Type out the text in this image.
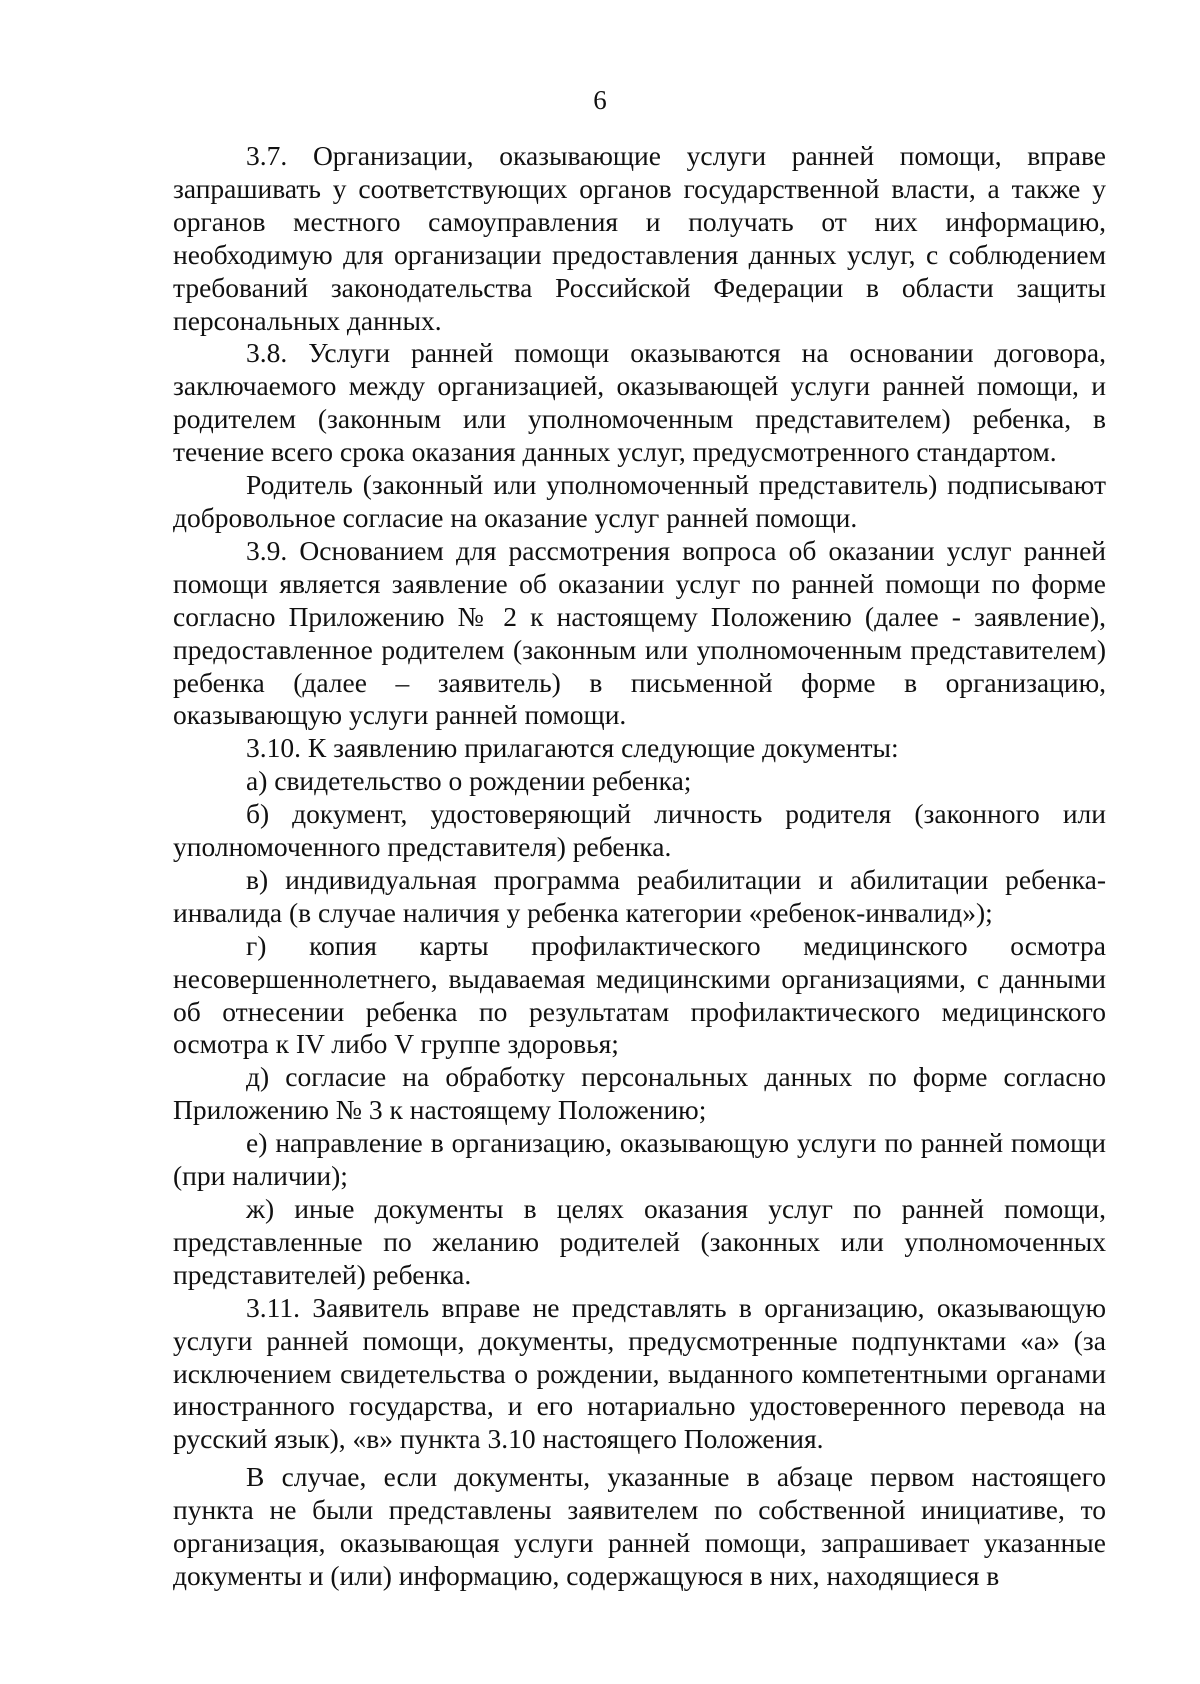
6

3.7. Организации, оказывающие услуги ранней помощи, вправе запрашивать у соответствующих органов государственной власти, а также у органов местного самоуправления и получать от них информацию, необходимую для организации предоставления данных услуг, с соблюдением требований законодательства Российской Федерации в области защиты персональных данных.

3.8. Услуги ранней помощи оказываются на основании договора, заключаемого между организацией, оказывающей услуги ранней помощи, и родителем (законным или уполномоченным представителем) ребенка, в течение всего срока оказания данных услуг, предусмотренного стандартом.

Родитель (законный или уполномоченный представитель) подписывают добровольное согласие на оказание услуг ранней помощи.

3.9. Основанием для рассмотрения вопроса об оказании услуг ранней помощи является заявление об оказании услуг по ранней помощи по форме согласно Приложению № 2 к настоящему Положению (далее - заявление), предоставленное родителем (законным или уполномоченным представителем) ребенка (далее – заявитель) в письменной форме в организацию, оказывающую услуги ранней помощи.

3.10. К заявлению прилагаются следующие документы:

а) свидетельство о рождении ребенка;

б) документ, удостоверяющий личность родителя (законного или уполномоченного представителя) ребенка.

в) индивидуальная программа реабилитации и абилитации ребенка-инвалида (в случае наличия у ребенка категории «ребенок-инвалид»);

г) копия карты профилактического медицинского осмотра несовершеннолетнего, выдаваемая медицинскими организациями, с данными об отнесении ребенка по результатам профилактического медицинского осмотра к IV либо V группе здоровья;

д) согласие на обработку персональных данных по форме согласно Приложению № 3 к настоящему Положению;

е) направление в организацию, оказывающую услуги по ранней помощи (при наличии);

ж) иные документы в целях оказания услуг по ранней помощи, представленные по желанию родителей (законных или уполномоченных представителей) ребенка.

3.11. Заявитель вправе не представлять в организацию, оказывающую услуги ранней помощи, документы, предусмотренные подпунктами «а» (за исключением свидетельства о рождении, выданного компетентными органами иностранного государства, и его нотариально удостоверенного перевода на русский язык), «в» пункта 3.10 настоящего Положения.

В случае, если документы, указанные в абзаце первом настоящего пункта не были представлены заявителем по собственной инициативе, то организация, оказывающая услуги ранней помощи, запрашивает указанные документы и (или) информацию, содержащуюся в них, находящиеся в
